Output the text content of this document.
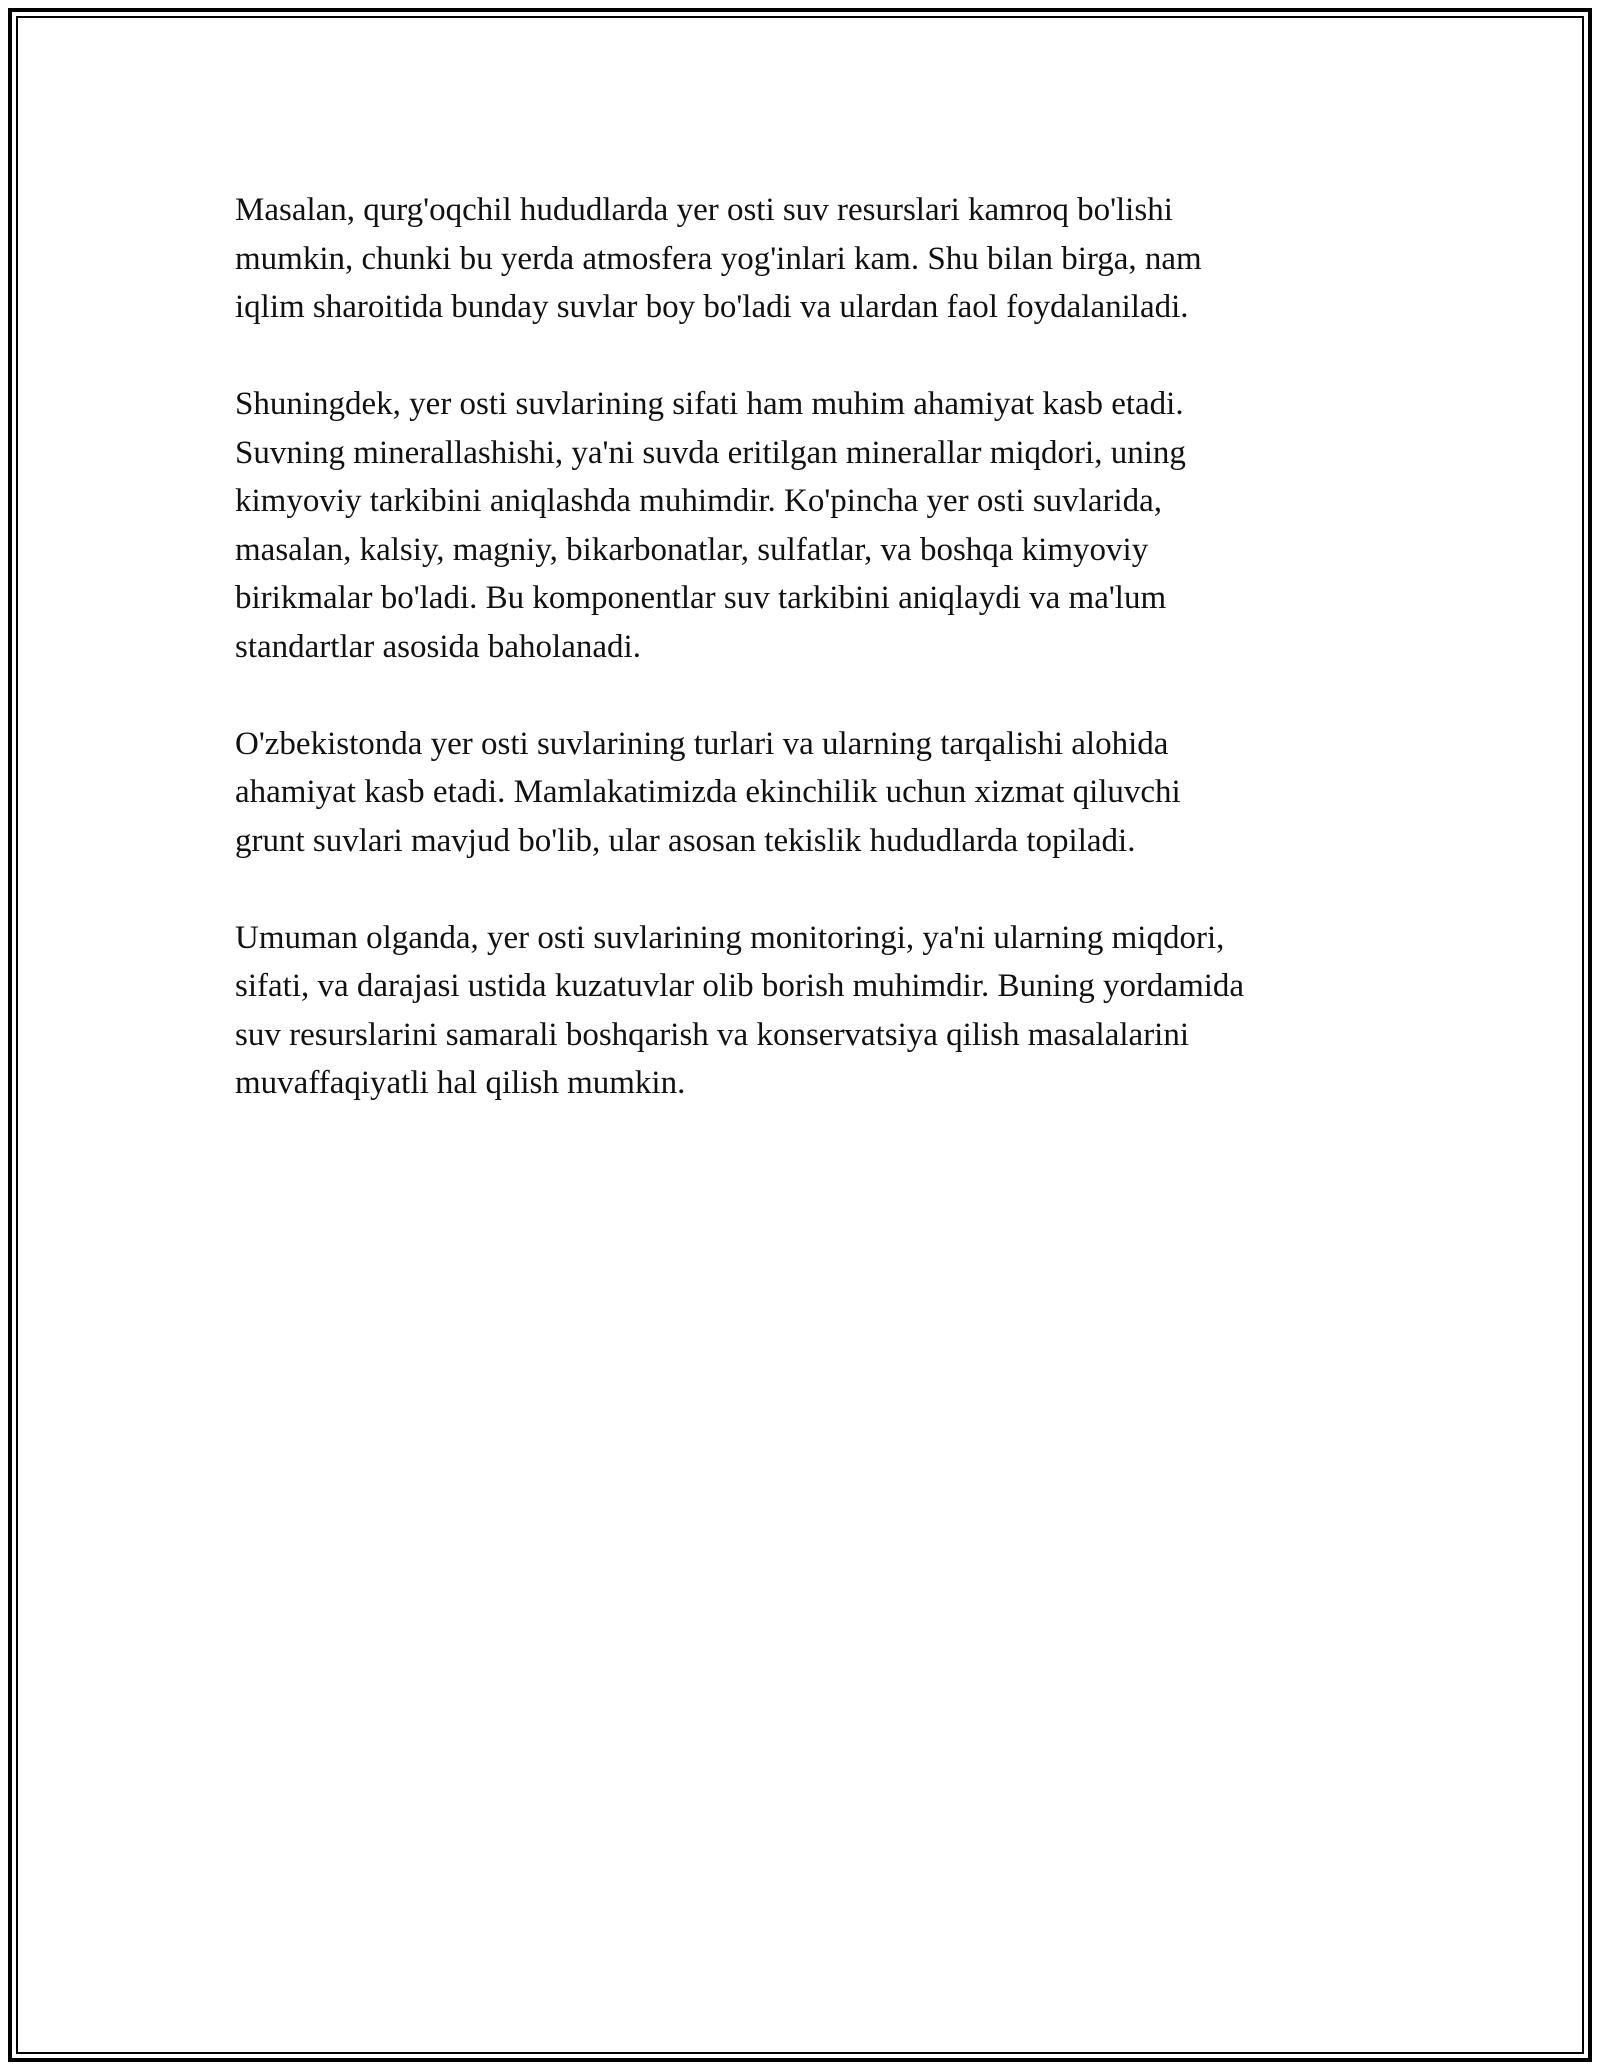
Masalan, qurg'oqchil hududlarda yer osti suv resurslari kamroq bo'lishi
mumkin, chunki bu yerda atmosfera yog'inlari kam. Shu bilan birga, nam
iqlim sharoitida bunday suvlar boy bo'ladi va ulardan faol foydalaniladi.

Shuningdek, yer osti suvlarining sifati ham muhim ahamiyat kasb etadi.
Suvning minerallashishi, ya'ni suvda eritilgan minerallar miqdori, uning
kimyoviy tarkibini aniqlashda muhimdir. Ko'pincha yer osti suvlarida,
masalan, kalsiy, magniy, bikarbonatlar, sulfatlar, va boshqa kimyoviy
birikmalar bo'ladi. Bu komponentlar suv tarkibini aniqlaydi va ma'lum
standartlar asosida baholanadi.

O'zbekistonda yer osti suvlarining turlari va ularning tarqalishi alohida
ahamiyat kasb etadi. Mamlakatimizda ekinchilik uchun xizmat qiluvchi
grunt suvlari mavjud bo'lib, ular asosan tekislik hududlarda topiladi.

Umuman olganda, yer osti suvlarining monitoringi, ya'ni ularning miqdori,
sifati, va darajasi ustida kuzatuvlar olib borish muhimdir. Buning yordamida
suv resurslarini samarali boshqarish va konservatsiya qilish masalalarini
muvaffaqiyatli hal qilish mumkin.
